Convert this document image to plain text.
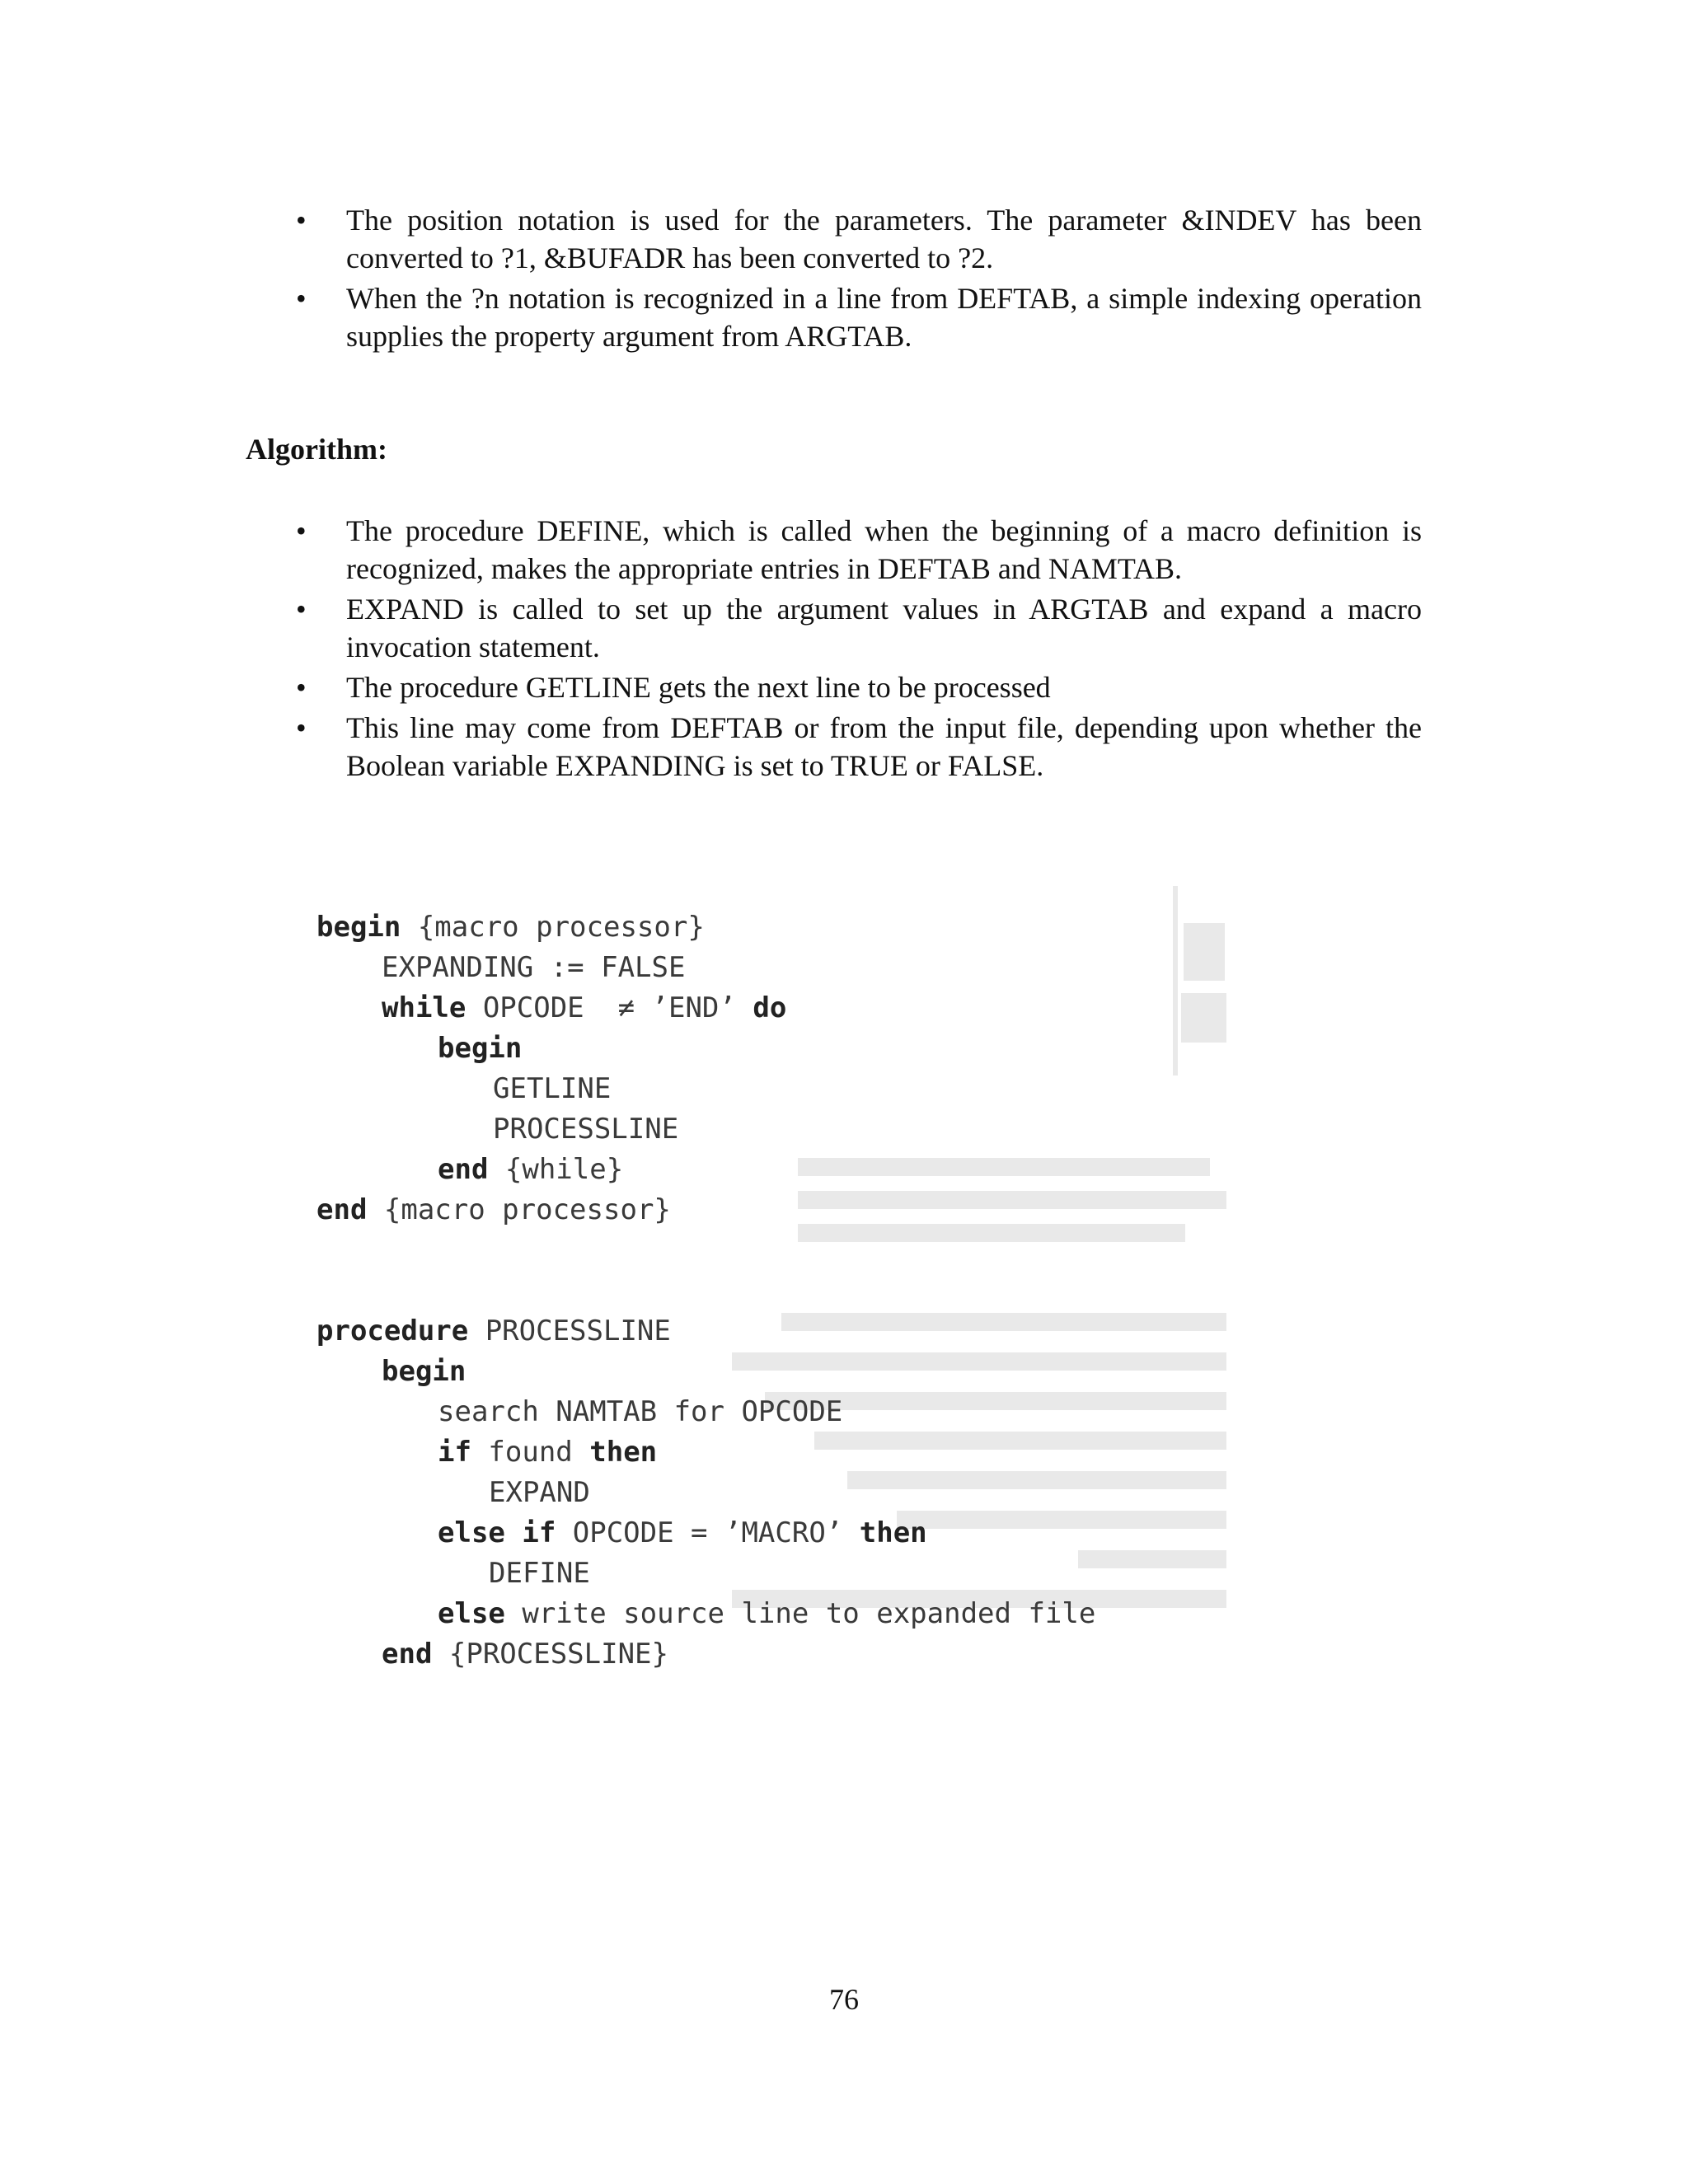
• The position notation is used for the parameters. The parameter &INDEV has been converted to ?1, &BUFADR has been converted to ?2.
• When the ?n notation is recognized in a line from DEFTAB, a simple indexing operation supplies the property argument from ARGTAB.
Algorithm:
• The procedure DEFINE, which is called when the beginning of a macro definition is recognized, makes the appropriate entries in DEFTAB and NAMTAB.
• EXPAND is called to set up the argument values in ARGTAB and expand a macro invocation statement.
• The procedure GETLINE gets the next line to be processed
• This line may come from DEFTAB or from the input file, depending upon whether the Boolean variable EXPANDING is set to TRUE or FALSE.
begin {macro processor}
EXPANDING := FALSE
while OPCODE  ≠ ’END’ do
begin
GETLINE
PROCESSLINE
end {while}
end {macro processor}
procedure PROCESSLINE
begin
search NAMTAB for OPCODE
if found then
EXPAND
else if OPCODE = ’MACRO’ then
DEFINE
else write source line to expanded file
end {PROCESSLINE}
76
